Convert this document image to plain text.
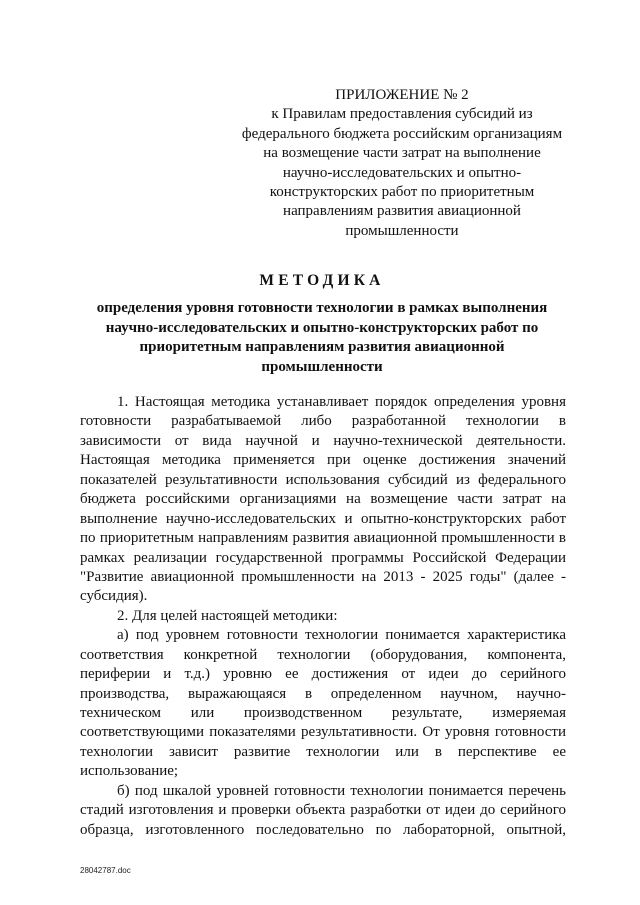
ПРИЛОЖЕНИЕ № 2
к Правилам предоставления субсидий из
федерального бюджета российским организациям
на возмещение части затрат на выполнение
научно-исследовательских и опытно-
конструкторских работ по приоритетным
направлениям развития авиационной
промышленности
МЕТОДИКА
определения уровня готовности технологии в рамках выполнения
научно-исследовательских и опытно-конструкторских работ по
приоритетным направлениям развития авиационной
промышленности
1. Настоящая методика устанавливает порядок определения уровня
готовности разрабатываемой либо разработанной технологии в
зависимости от вида научной и научно-технической деятельности.
Настоящая методика применяется при оценке достижения значений
показателей результативности использования субсидий из федерального
бюджета российскими организациями на возмещение части затрат на
выполнение научно-исследовательских и опытно-конструкторских работ
по приоритетным направлениям развития авиационной промышленности в
рамках реализации государственной программы Российской Федерации
"Развитие авиационной промышленности на 2013 - 2025 годы" (далее -
субсидия).
2. Для целей настоящей методики:
а) под уровнем готовности технологии понимается характеристика
соответствия конкретной технологии (оборудования, компонента,
периферии и т.д.) уровню ее достижения от идеи до серийного
производства, выражающаяся в определенном научном, научно-
техническом или производственном результате, измеряемая
соответствующими показателями результативности. От уровня готовности
технологии зависит развитие технологии или в перспективе ее
использование;
б) под шкалой уровней готовности технологии понимается перечень
стадий изготовления и проверки объекта разработки от идеи до серийного
образца, изготовленного последовательно по лабораторной, опытной,
28042787.doc
